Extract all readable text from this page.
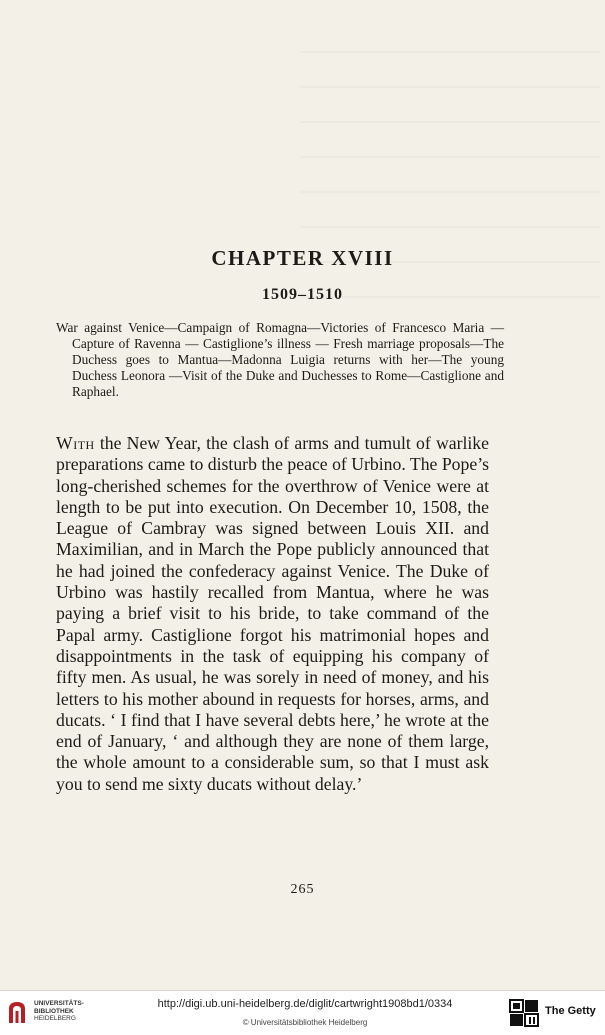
CHAPTER XVIII
1509–1510

War against Venice—Campaign of Romagna—Victories of Francesco Maria — Capture of Ravenna — Castiglione’s illness — Fresh marriage proposals—The Duchess goes to Mantua—Madonna Luigia returns with her—The young Duchess Leonora —Visit of the Duke and Duchesses to Rome—Castiglione and Raphael.

With the New Year, the clash of arms and tumult of warlike preparations came to disturb the peace of Urbino. The Pope’s long-cherished schemes for the overthrow of Venice were at length to be put into execution. On December 10, 1508, the League of Cambray was signed between Louis XII. and Maximilian, and in March the Pope publicly announced that he had joined the confederacy against Venice. The Duke of Urbino was hastily recalled from Mantua, where he was paying a brief visit to his bride, to take command of the Papal army. Castiglione forgot his matrimonial hopes and disappointments in the task of equipping his company of fifty men. As usual, he was sorely in need of money, and his letters to his mother abound in requests for horses, arms, and ducats. ‘ I find that I have several debts here,’ he wrote at the end of January, ‘ and although they are none of them large, the whole amount to a considerable sum, so that I must ask you to send me sixty ducats without delay.’

265
UNIVERSITÄTS-
BIBLIOTHEK
HEIDELBERG
http://digi.ub.uni-heidelberg.de/diglit/cartwright1908bd1/0334
© Universitätsbibliothek Heidelberg
The Getty
